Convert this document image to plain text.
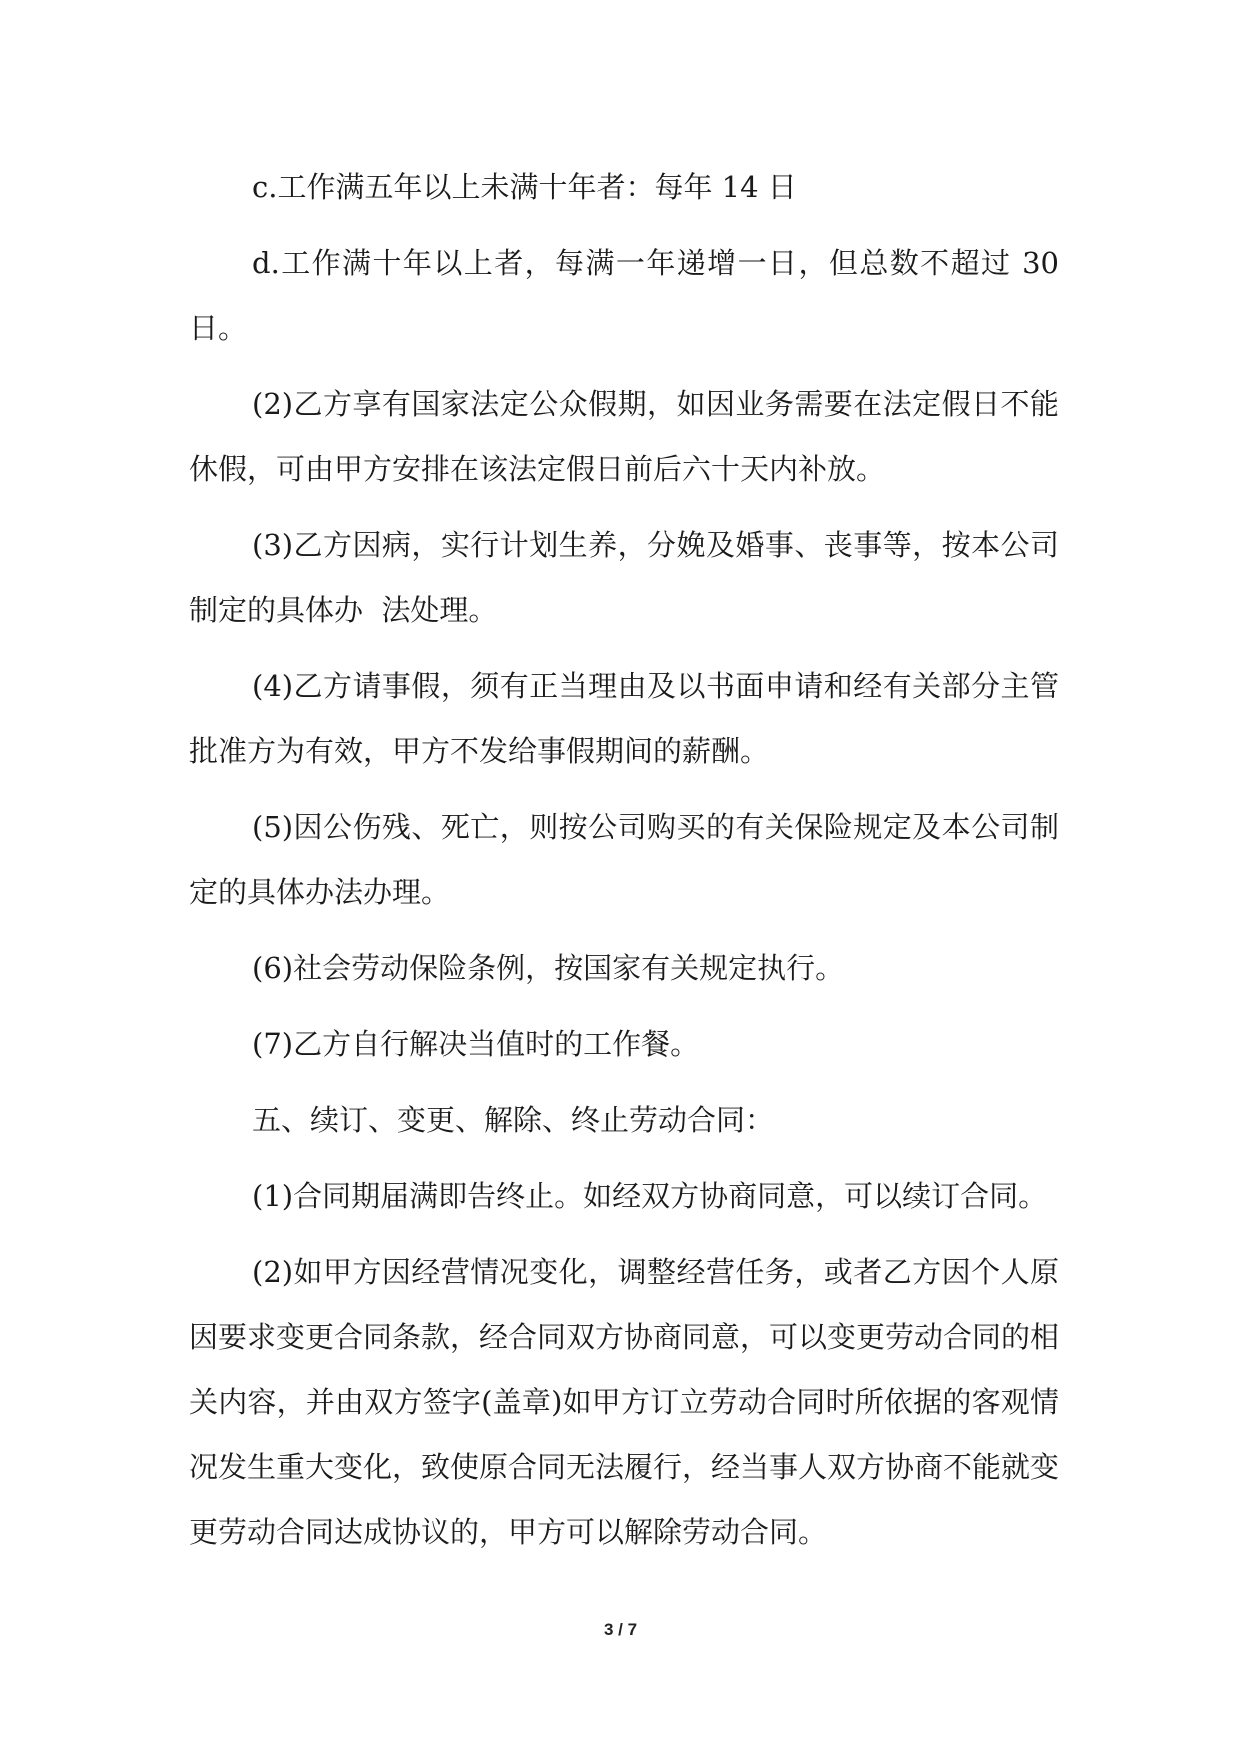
c.工作满五年以上未满十年者：每年 14 日

d.工作满十年以上者，每满一年递增一日，但总数不超过 30 日。

(2)乙方享有国家法定公众假期，如因业务需要在法定假日不能休假，可由甲方安排在该法定假日前后六十天内补放。

(3)乙方因病，实行计划生养，分娩及婚事、丧事等，按本公司制定的具体办  法处理。

(4)乙方请事假，须有正当理由及以书面申请和经有关部分主管批准方为有效，甲方不发给事假期间的薪酬。

(5)因公伤残、死亡，则按公司购买的有关保险规定及本公司制定的具体办法办理。

(6)社会劳动保险条例，按国家有关规定执行。

(7)乙方自行解决当值时的工作餐。

五、续订、变更、解除、终止劳动合同：

(1)合同期届满即告终止。如经双方协商同意，可以续订合同。

(2)如甲方因经营情况变化，调整经营任务，或者乙方因个人原因要求变更合同条款，经合同双方协商同意，可以变更劳动合同的相关内容，并由双方签字(盖章)如甲方订立劳动合同时所依据的客观情况发生重大变化，致使原合同无法履行，经当事人双方协商不能就变更劳动合同达成协议的，甲方可以解除劳动合同。

3 / 7
